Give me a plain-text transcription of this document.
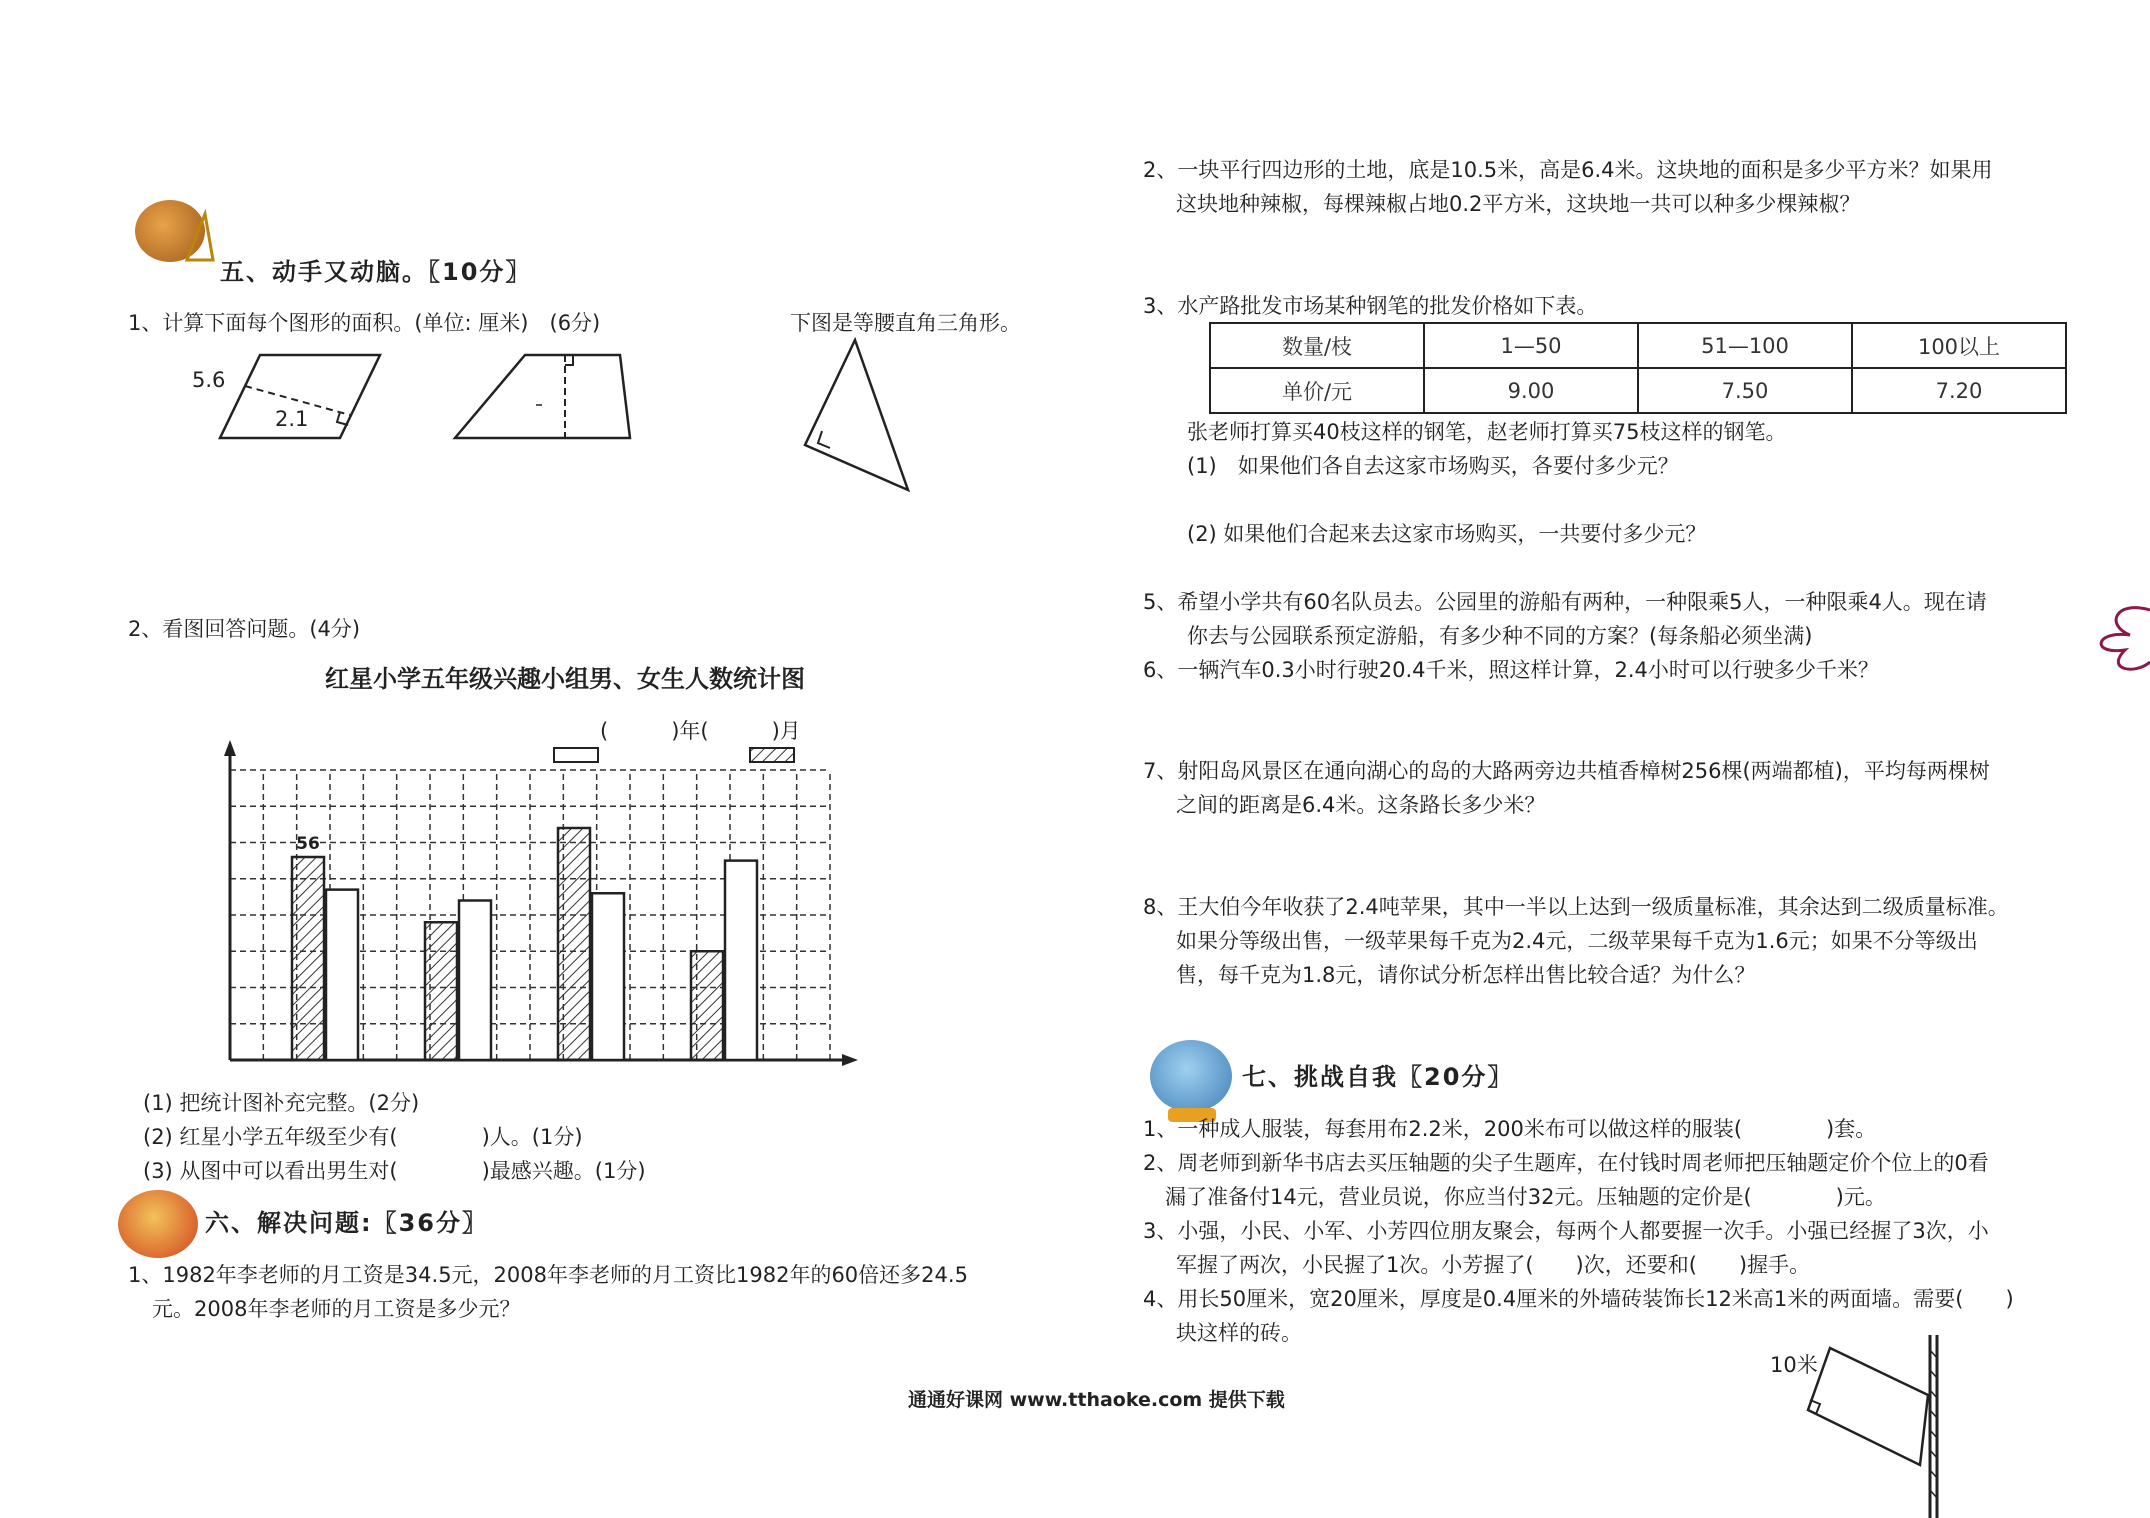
五、动手又动脑。〖10分〗
1、计算下面每个图形的面积。(单位: 厘米)　(6分)	下图是等腰直角三角形。
5.6
2.1
2、看图回答问题。(4分)
红星小学五年级兴趣小组男、女生人数统计图
(　　　)年(　　　)月
56
(1) 把统计图补充完整。(2分)
(2) 红星小学五年级至少有(　　　　)人。(1分)
(3) 从图中可以看出男生对(　　　　)最感兴趣。(1分)
六、解决问题:〖36分〗
1、1982年李老师的月工资是34.5元，2008年李老师的月工资比1982年的60倍还多24.5
元。2008年李老师的月工资是多少元？
2、一块平行四边形的土地，底是10.5米，高是6.4米。这块地的面积是多少平方米？如果用
这块地种辣椒，每棵辣椒占地0.2平方米，这块地一共可以种多少棵辣椒？
3、水产路批发市场某种钢笔的批发价格如下表。
数量/枝	1—50	51—100	100以上
单价/元	9.00	7.50	7.20
张老师打算买40枝这样的钢笔，赵老师打算买75枝这样的钢笔。
(1)　如果他们各自去这家市场购买，各要付多少元？
(2) 如果他们合起来去这家市场购买，一共要付多少元？
5、希望小学共有60名队员去。公园里的游船有两种，一种限乘5人，一种限乘4人。现在请
你去与公园联系预定游船，有多少种不同的方案？(每条船必须坐满)
6、一辆汽车0.3小时行驶20.4千米，照这样计算，2.4小时可以行驶多少千米？
7、射阳岛风景区在通向湖心的岛的大路两旁边共植香樟树256棵(两端都植)，平均每两棵树
之间的距离是6.4米。这条路长多少米？
8、王大伯今年收获了2.4吨苹果，其中一半以上达到一级质量标准，其余达到二级质量标准。
如果分等级出售，一级苹果每千克为2.4元，二级苹果每千克为1.6元；如果不分等级出
售，每千克为1.8元，请你试分析怎样出售比较合适？为什么？
七、挑战自我〖20分〗
1、一种成人服装，每套用布2.2米，200米布可以做这样的服装(　　　　)套。
2、周老师到新华书店去买压轴题的尖子生题库，在付钱时周老师把压轴题定价个位上的0看
漏了准备付14元，营业员说，你应当付32元。压轴题的定价是(　　　　)元。
3、小强，小民、小军、小芳四位朋友聚会，每两个人都要握一次手。小强已经握了3次，小
军握了两次，小民握了1次。小芳握了(　　)次，还要和(　　)握手。
4、用长50厘米，宽20厘米，厚度是0.4厘米的外墙砖装饰长12米高1米的两面墙。需要(　　)
块这样的砖。
10米
通通好课网 www.tthaoke.com 提供下载
